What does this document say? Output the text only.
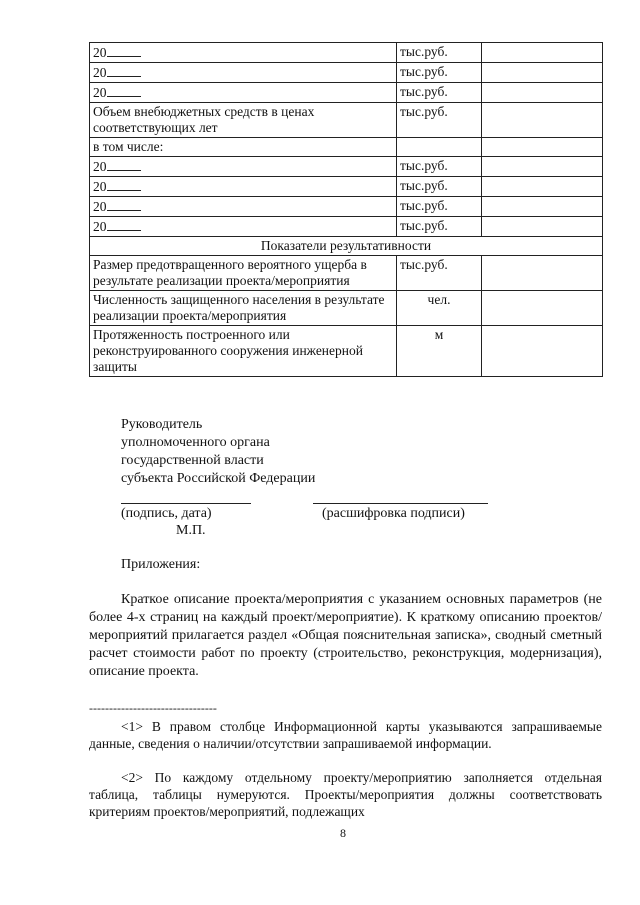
20	тыс.руб.	
20	тыс.руб.	
20	тыс.руб.	
Объем внебюджетных средств в ценах соответствующих лет	тыс.руб.	
в том числе:		
20	тыс.руб.	
20	тыс.руб.	
20	тыс.руб.	
20	тыс.руб.	
Показатели результативности		
Размер предотвращенного вероятного ущерба в результате реализации проекта/мероприятия	тыс.руб.	
Численность защищенного населения в результате реализации проекта/мероприятия	чел.	
Протяженность построенного или реконструированного сооружения инженерной защиты	м	
Руководитель
уполномоченного органа
государственной власти
субъекта Российской Федерации
(подпись, дата)	(расшифровка подписи)
М.П.
Приложения:
Краткое описание проекта/мероприятия с указанием основных параметров (не более 4-х страниц на каждый проект/мероприятие). К краткому описанию проектов/мероприятий прилагается раздел «Общая пояснительная записка», сводный сметный расчет стоимости работ по проекту (строительство, реконструкция, модернизация), описание проекта.
--------------------------------
<1> В правом столбце Информационной карты указываются запрашиваемые данные, сведения о наличии/отсутствии запрашиваемой информации.
<2> По каждому отдельному проекту/мероприятию заполняется отдельная таблица, таблицы нумеруются. Проекты/мероприятия должны соответствовать критериям проектов/мероприятий, подлежащих
8
